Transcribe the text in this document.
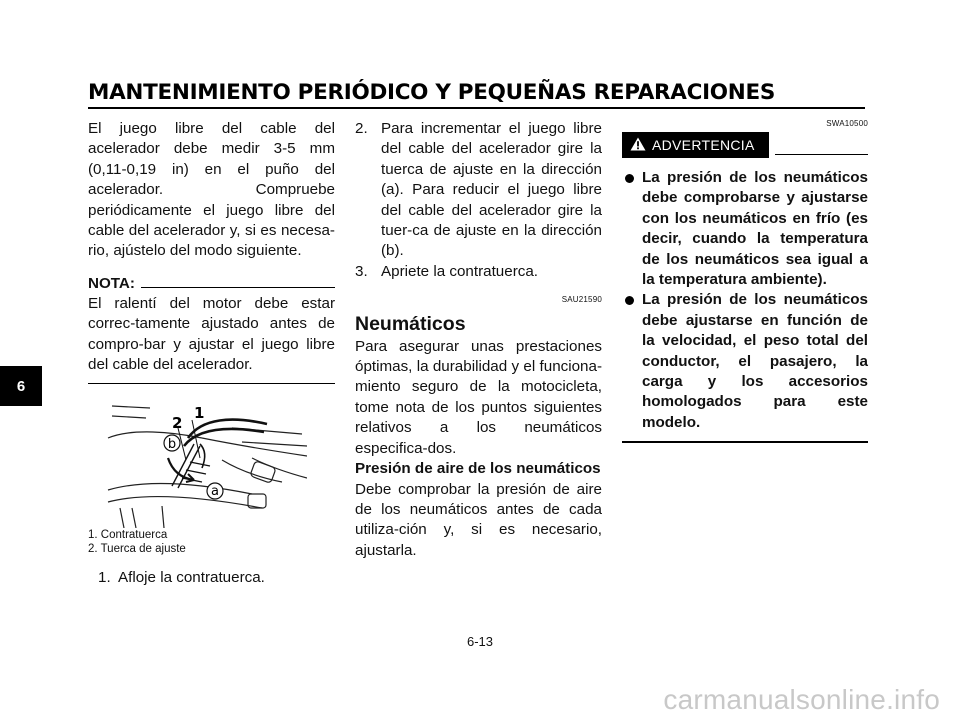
MANTENIMIENTO PERIÓDICO Y PEQUEÑAS REPARACIONES
6

El juego libre del cable del acelerador debe medir 3-5 mm (0,11-0,19 in) en el puño del acelerador. Compruebe periódicamente el juego libre del cable del acelerador y, si es necesa-rio, ajústelo del modo siguiente.

NOTA:
El ralentí del motor debe estar correc-tamente ajustado antes de compro-bar y ajustar el juego libre del cable del acelerador.
b
a
1
2
1. Contratuerca
2. Tuerca de ajuste
1. Afloje la contratuerca.
2. Para incrementar el juego libre del cable del acelerador gire la tuerca de ajuste en la dirección (a). Para reducir el juego libre del cable del acelerador gire la tuer-ca de ajuste en la dirección (b).
3. Apriete la contratuerca.
SAU21590
Neumáticos
Para asegurar unas prestaciones óptimas, la durabilidad y el funciona-miento seguro de la motocicleta, tome nota de los puntos siguientes relativos a los neumáticos especifica-dos.
Presión de aire de los neumáticos
Debe comprobar la presión de aire de los neumáticos antes de cada utiliza-ción y, si es necesario, ajustarla.
SWA10500
ADVERTENCIA
La presión de los neumáticos debe comprobarse y ajustarse con los neumáticos en frío (es decir, cuando la temperatura de los neumáticos sea igual a la temperatura ambiente).
La presión de los neumáticos debe ajustarse en función de la velocidad, el peso total del conductor, el pasajero, la carga y los accesorios homologados para este modelo.
6-13
carmanualsonline.info
